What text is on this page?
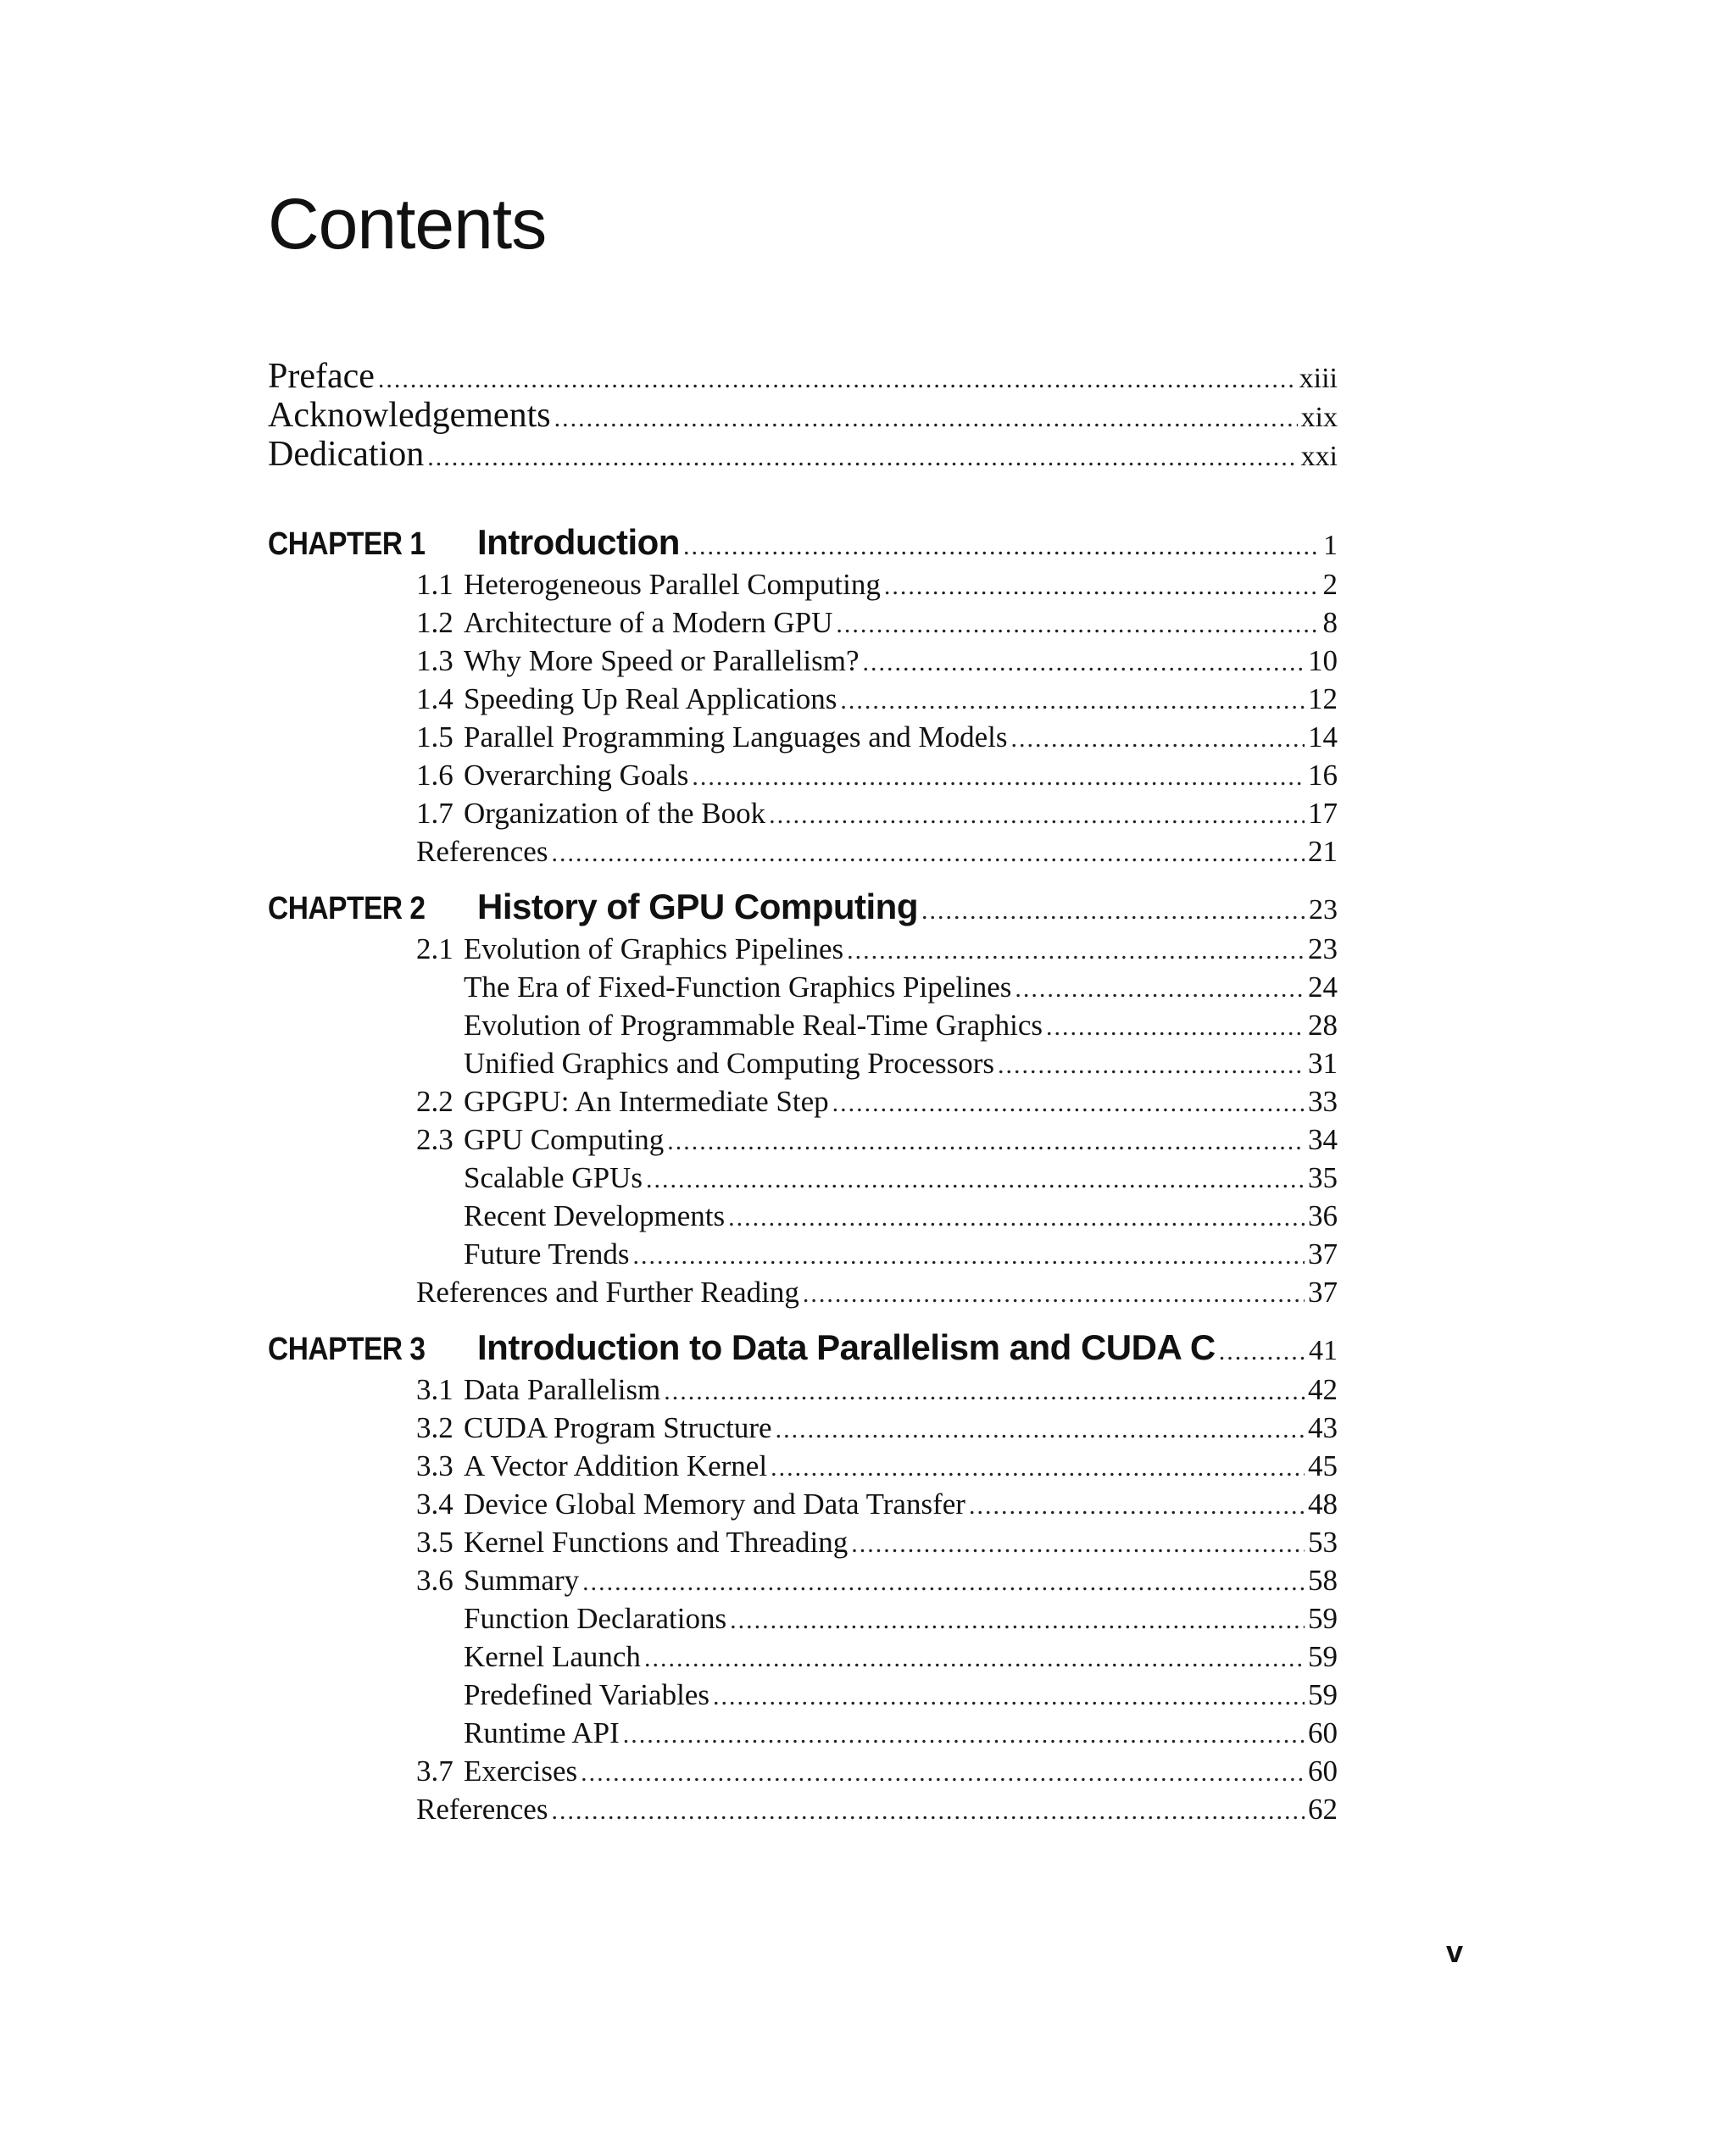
Contents
Preface .....	xiii
Acknowledgements .....	xix
Dedication .....	xxi
CHAPTER 1	Introduction .....	1
1.1 Heterogeneous Parallel Computing .....	2
1.2 Architecture of a Modern GPU .....	8
1.3 Why More Speed or Parallelism? .....	10
1.4 Speeding Up Real Applications .....	12
1.5 Parallel Programming Languages and Models .....	14
1.6 Overarching Goals .....	16
1.7 Organization of the Book .....	17
References .....	21
CHAPTER 2	History of GPU Computing .....	23
2.1 Evolution of Graphics Pipelines .....	23
The Era of Fixed-Function Graphics Pipelines .....	24
Evolution of Programmable Real-Time Graphics .....	28
Unified Graphics and Computing Processors .....	31
2.2 GPGPU: An Intermediate Step .....	33
2.3 GPU Computing .....	34
Scalable GPUs .....	35
Recent Developments .....	36
Future Trends .....	37
References and Further Reading .....	37
CHAPTER 3	Introduction to Data Parallelism and CUDA C .....	41
3.1 Data Parallelism .....	42
3.2 CUDA Program Structure .....	43
3.3 A Vector Addition Kernel .....	45
3.4 Device Global Memory and Data Transfer .....	48
3.5 Kernel Functions and Threading .....	53
3.6 Summary .....	58
Function Declarations .....	59
Kernel Launch .....	59
Predefined Variables .....	59
Runtime API .....	60
3.7 Exercises .....	60
References .....	62
v
